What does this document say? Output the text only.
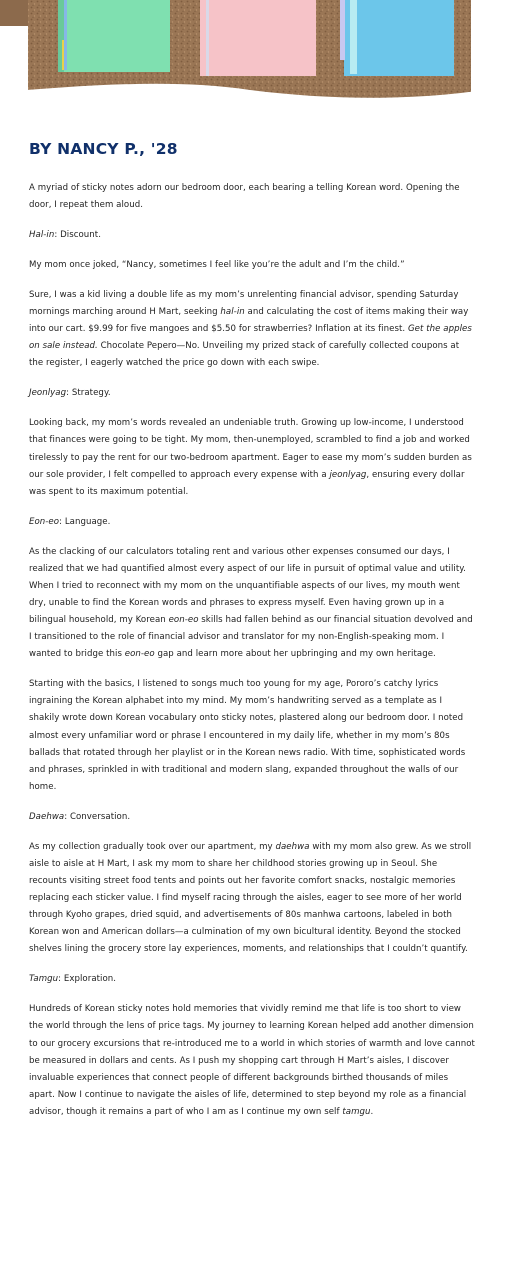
BY NANCY P., '28

A myriad of sticky notes adorn our bedroom door, each bearing a telling Korean word. Opening the door, I repeat them aloud.

Hal-in: Discount.

My mom once joked, “Nancy, sometimes I feel like you’re the adult and I’m the child.”

Sure, I was a kid living a double life as my mom’s unrelenting financial advisor, spending Saturday mornings marching around H Mart, seeking hal-in and calculating the cost of items making their way into our cart. $9.99 for five mangoes and $5.50 for strawberries? Inflation at its finest. Get the apples on sale instead. Chocolate Pepero—No. Unveiling my prized stack of carefully collected coupons at the register, I eagerly watched the price go down with each swipe.

Jeonlyag: Strategy.

Looking back, my mom’s words revealed an undeniable truth. Growing up low-income, I understood that finances were going to be tight. My mom, then-unemployed, scrambled to find a job and worked tirelessly to pay the rent for our two-bedroom apartment. Eager to ease my mom’s sudden burden as our sole provider, I felt compelled to approach every expense with a jeonlyag, ensuring every dollar was spent to its maximum potential.

Eon-eo: Language.

As the clacking of our calculators totaling rent and various other expenses consumed our days, I realized that we had quantified almost every aspect of our life in pursuit of optimal value and utility. When I tried to reconnect with my mom on the unquantifiable aspects of our lives, my mouth went dry, unable to find the Korean words and phrases to express myself. Even having grown up in a bilingual household, my Korean eon-eo skills had fallen behind as our financial situation devolved and I transitioned to the role of financial advisor and translator for my non-English-speaking mom. I wanted to bridge this eon-eo gap and learn more about her upbringing and my own heritage.

Starting with the basics, I listened to songs much too young for my age, Pororo’s catchy lyrics ingraining the Korean alphabet into my mind. My mom’s handwriting served as a template as I shakily wrote down Korean vocabulary onto sticky notes, plastered along our bedroom door. I noted almost every unfamiliar word or phrase I encountered in my daily life, whether in my mom’s 80s ballads that rotated through her playlist or in the Korean news radio. With time, sophisticated words and phrases, sprinkled in with traditional and modern slang, expanded throughout the walls of our home.

Daehwa: Conversation.

As my collection gradually took over our apartment, my daehwa with my mom also grew. As we stroll aisle to aisle at H Mart, I ask my mom to share her childhood stories growing up in Seoul. She recounts visiting street food tents and points out her favorite comfort snacks, nostalgic memories replacing each sticker value. I find myself racing through the aisles, eager to see more of her world through Kyoho grapes, dried squid, and advertisements of 80s manhwa cartoons, labeled in both Korean won and American dollars—a culmination of my own bicultural identity. Beyond the stocked shelves lining the grocery store lay experiences, moments, and relationships that I couldn’t quantify.

Tamgu: Exploration.

Hundreds of Korean sticky notes hold memories that vividly remind me that life is too short to view the world through the lens of price tags. My journey to learning Korean helped add another dimension to our grocery excursions that re-introduced me to a world in which stories of warmth and love cannot be measured in dollars and cents. As I push my shopping cart through H Mart’s aisles, I discover invaluable experiences that connect people of different backgrounds birthed thousands of miles apart. Now I continue to navigate the aisles of life, determined to step beyond my role as a financial advisor, though it remains a part of who I am as I continue my own self tamgu.
